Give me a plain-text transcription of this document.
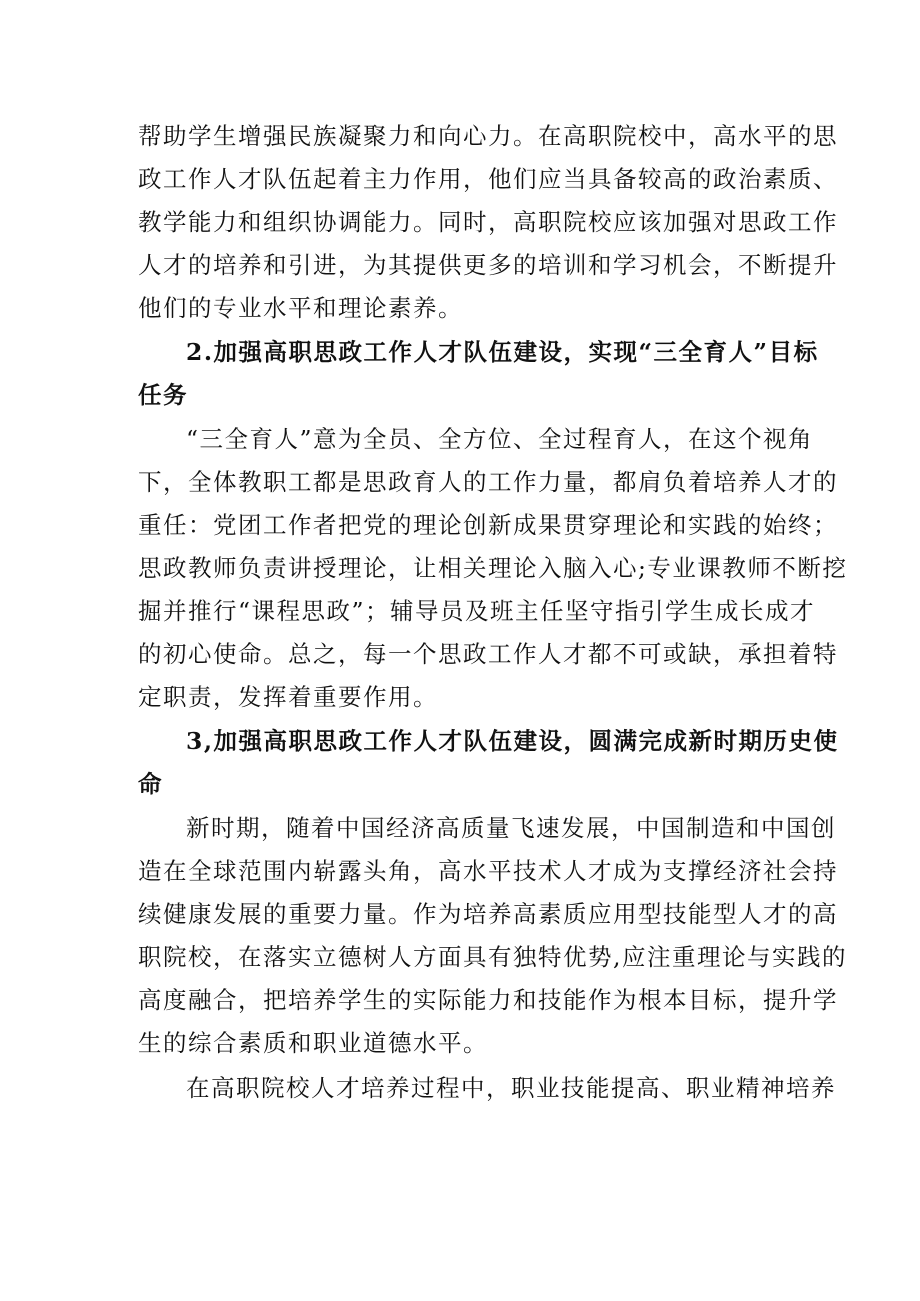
帮助学生增强民族凝聚力和向心力。在高职院校中，高水平的思
政工作人才队伍起着主力作用，他们应当具备较高的政治素质、
教学能力和组织协调能力。同时，高职院校应该加强对思政工作
人才的培养和引进，为其提供更多的培训和学习机会，不断提升
他们的专业水平和理论素养。
2.加强高职思政工作人才队伍建设，实现“三全育人”目标
任务
“三全育人”意为全员、全方位、全过程育人，在这个视角
下，全体教职工都是思政育人的工作力量，都肩负着培养人才的
重任：党团工作者把党的理论创新成果贯穿理论和实践的始终；
思政教师负责讲授理论，让相关理论入脑入心;专业课教师不断挖
掘并推行“课程思政”；辅导员及班主任坚守指引学生成长成才
的初心使命。总之，每一个思政工作人才都不可或缺，承担着特
定职责，发挥着重要作用。
3,加强高职思政工作人才队伍建设，圆满完成新时期历史使
命
新时期，随着中国经济高质量飞速发展，中国制造和中国创
造在全球范围内崭露头角，高水平技术人才成为支撑经济社会持
续健康发展的重要力量。作为培养高素质应用型技能型人才的高
职院校，在落实立德树人方面具有独特优势,应注重理论与实践的
高度融合，把培养学生的实际能力和技能作为根本目标，提升学
生的综合素质和职业道德水平。
在高职院校人才培养过程中，职业技能提高、职业精神培养
